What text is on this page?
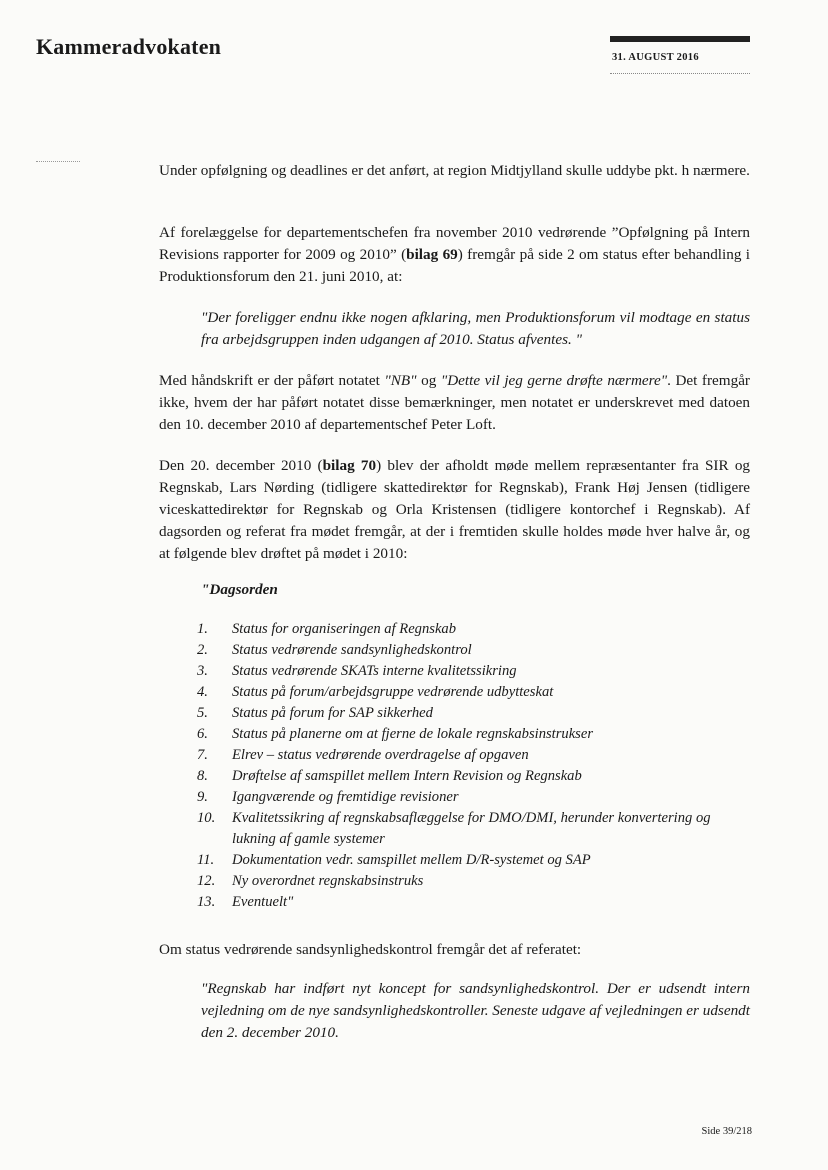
Kammeradvokaten	31. AUGUST 2016

Under opfølgning og deadlines er det anført, at region Midtjylland skulle uddybe pkt. h nærmere.

Af forelæggelse for departementschefen fra november 2010 vedrørende ”Opfølgning på Intern Revisions rapporter for 2009 og 2010” (bilag 69) fremgår på side 2 om status efter behandling i Produktionsforum den 21. juni 2010, at:

"Der foreligger endnu ikke nogen afklaring, men Produktionsforum vil modtage en status fra arbejdsgruppen inden udgangen af 2010. Status afventes. "

Med håndskrift er der påført notatet "NB" og "Dette vil jeg gerne drøfte nærmere". Det fremgår ikke, hvem der har påført notatet disse bemærkninger, men notatet er underskrevet med datoen den 10. december 2010 af departementschef Peter Loft.

Den 20. december 2010 (bilag 70) blev der afholdt møde mellem repræsentanter fra SIR og Regnskab, Lars Nørding (tidligere skattedirektør for Regnskab), Frank Høj Jensen (tidligere viceskattedirektør for Regnskab og Orla Kristensen (tidligere kontorchef i Regnskab). Af dagsorden og referat fra mødet fremgår, at der i fremtiden skulle holdes møde hver halve år, og at følgende blev drøftet på mødet i 2010:

"Dagsorden
1.	Status for organiseringen af Regnskab
2.	Status vedrørende sandsynlighedskontrol
3.	Status vedrørende SKATs interne kvalitetssikring
4.	Status på forum/arbejdsgruppe vedrørende udbytteskat
5.	Status på forum for SAP sikkerhed
6.	Status på planerne om at fjerne de lokale regnskabsinstrukser
7.	Elrev – status vedrørende overdragelse af opgaven
8.	Drøftelse af samspillet mellem Intern Revision og Regnskab
9.	Igangværende og fremtidige revisioner
10.	Kvalitetssikring af regnskabsaflæggelse for DMO/DMI, herunder konvertering og lukning af gamle systemer
11.	Dokumentation vedr. samspillet mellem D/R-systemet og SAP
12.	Ny overordnet regnskabsinstruks
13.	Eventuelt"

Om status vedrørende sandsynlighedskontrol fremgår det af referatet:

"Regnskab har indført nyt koncept for sandsynlighedskontrol. Der er udsendt intern vejledning om de nye sandsynlighedskontroller. Seneste udgave af vejledningen er udsendt den 2. december 2010.

Side 39/218
